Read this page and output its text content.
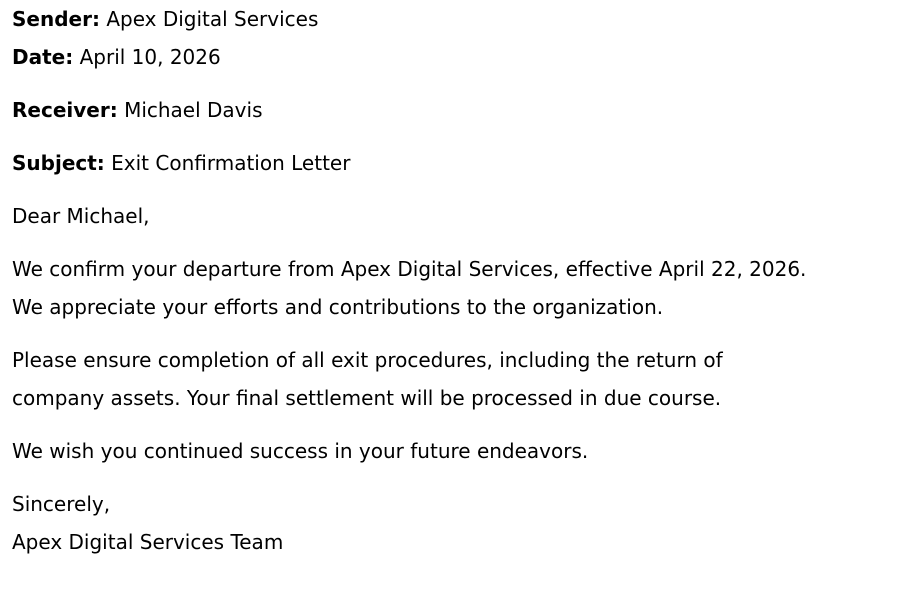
Sender: Apex Digital Services
Date: April 10, 2026
Receiver: Michael Davis
Subject: Exit Confirmation Letter
Dear Michael,
We confirm your departure from Apex Digital Services, effective April 22, 2026.
We appreciate your efforts and contributions to the organization.
Please ensure completion of all exit procedures, including the return of
company assets. Your final settlement will be processed in due course.
We wish you continued success in your future endeavors.
Sincerely,
Apex Digital Services Team
